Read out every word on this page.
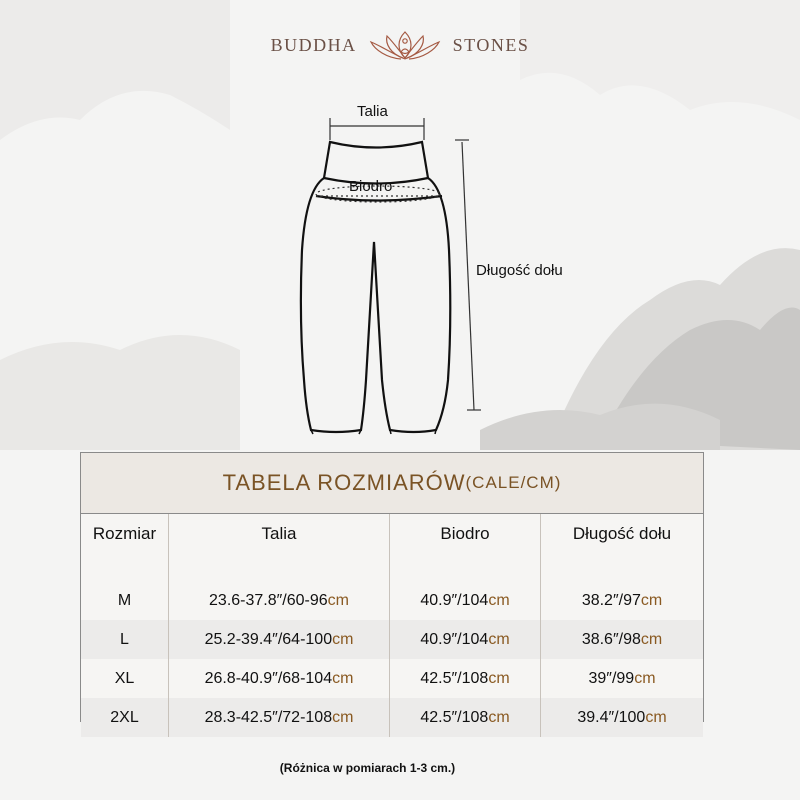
BUDDHA	STONES
Talia
Biodro
Długość dołu
TABELA ROZMIARÓW (CALE/CM)
Rozmiar	Talia	Biodro	Długość dołu
M	23.6-37.8″/60-96cm	40.9″/104cm	38.2″/97cm
L	25.2-39.4″/64-100cm	40.9″/104cm	38.6″/98cm
XL	26.8-40.9″/68-104cm	42.5″/108cm	39″/99cm
2XL	28.3-42.5″/72-108cm	42.5″/108cm	39.4″/100cm
(Różnica w pomiarach 1-3 cm.)
